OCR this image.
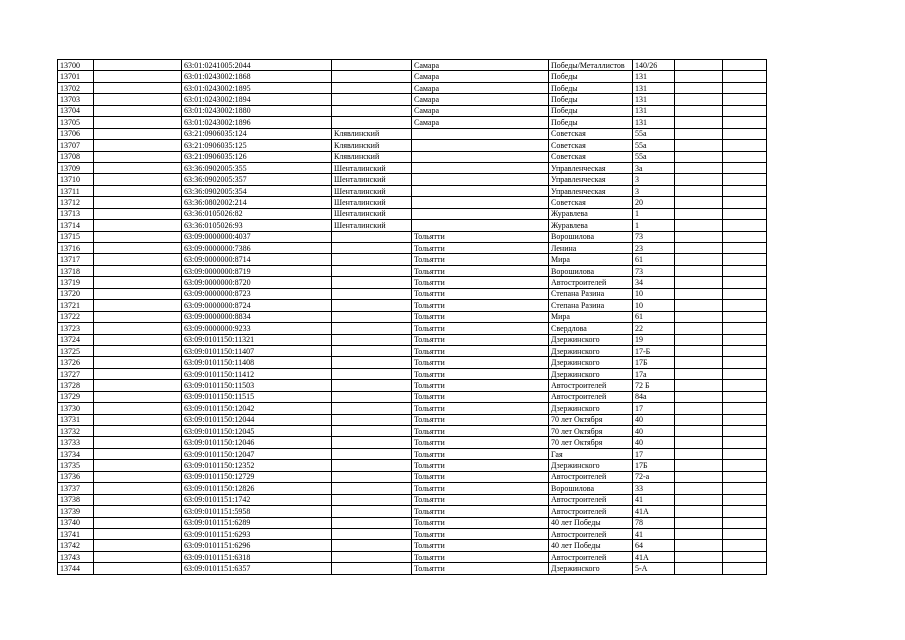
13700		63:01:0241005:2044		Самара	Победы/Металлистов	140/26		
13701		63:01:0243002:1868		Самара	Победы	131		
13702		63:01:0243002:1895		Самара	Победы	131		
13703		63:01:0243002:1894		Самара	Победы	131		
13704		63:01:0243002:1880		Самара	Победы	131		
13705		63:01:0243002:1896		Самара	Победы	131		
13706		63:21:0906035:124	Клявлинский		Советская	55а		
13707		63:21:0906035:125	Клявлинский		Советская	55а		
13708		63:21:0906035:126	Клявлинский		Советская	55а		
13709		63:36:0902005:355	Шенталинский		Управленческая	3а		
13710		63:36:0902005:357	Шенталинский		Управленческая	3		
13711		63:36:0902005:354	Шенталинский		Управленческая	3		
13712		63:36:0802002:214	Шенталинский		Советская	20		
13713		63:36:0105026:82	Шенталинский		Журавлева	1		
13714		63:36:0105026:93	Шенталинский		Журавлева	1		
13715		63:09:0000000:4037		Тольятти	Ворошилова	73		
13716		63:09:0000000:7386		Тольятти	Ленина	23		
13717		63:09:0000000:8714		Тольятти	Мира	61		
13718		63:09:0000000:8719		Тольятти	Ворошилова	73		
13719		63:09:0000000:8720		Тольятти	Автостроителей	34		
13720		63:09:0000000:8723		Тольятти	Степана Разина	10		
13721		63:09:0000000:8724		Тольятти	Степана Разина	10		
13722		63:09:0000000:8834		Тольятти	Мира	61		
13723		63:09:0000000:9233		Тольятти	Свердлова	22		
13724		63:09:0101150:11321		Тольятти	Дзержинского	19		
13725		63:09:0101150:11407		Тольятти	Дзержинского	17-Б		
13726		63:09:0101150:11408		Тольятти	Дзержинского	17Б		
13727		63:09:0101150:11412		Тольятти	Дзержинского	17а		
13728		63:09:0101150:11503		Тольятти	Автостроителей	72 Б		
13729		63:09:0101150:11515		Тольятти	Автостроителей	84а		
13730		63:09:0101150:12042		Тольятти	Дзержинского	17		
13731		63:09:0101150:12044		Тольятти	70 лет Октября	40		
13732		63:09:0101150:12045		Тольятти	70 лет Октября	40		
13733		63:09:0101150:12046		Тольятти	70 лет Октября	40		
13734		63:09:0101150:12047		Тольятти	Гая	17		
13735		63:09:0101150:12352		Тольятти	Дзержинского	17Б		
13736		63:09:0101150:12729		Тольятти	Автостроителей	72-а		
13737		63:09:0101150:12826		Тольятти	Ворошилова	33		
13738		63:09:0101151:1742		Тольятти	Автостроителей	41		
13739		63:09:0101151:5958		Тольятти	Автостроителей	41А		
13740		63:09:0101151:6289		Тольятти	40 лет Победы	78		
13741		63:09:0101151:6293		Тольятти	Автостроителей	41		
13742		63:09:0101151:6296		Тольятти	40 лет Победы	64		
13743		63:09:0101151:6318		Тольятти	Автостроителей	41А		
13744		63:09:0101151:6357		Тольятти	Дзержинского	5-А		
